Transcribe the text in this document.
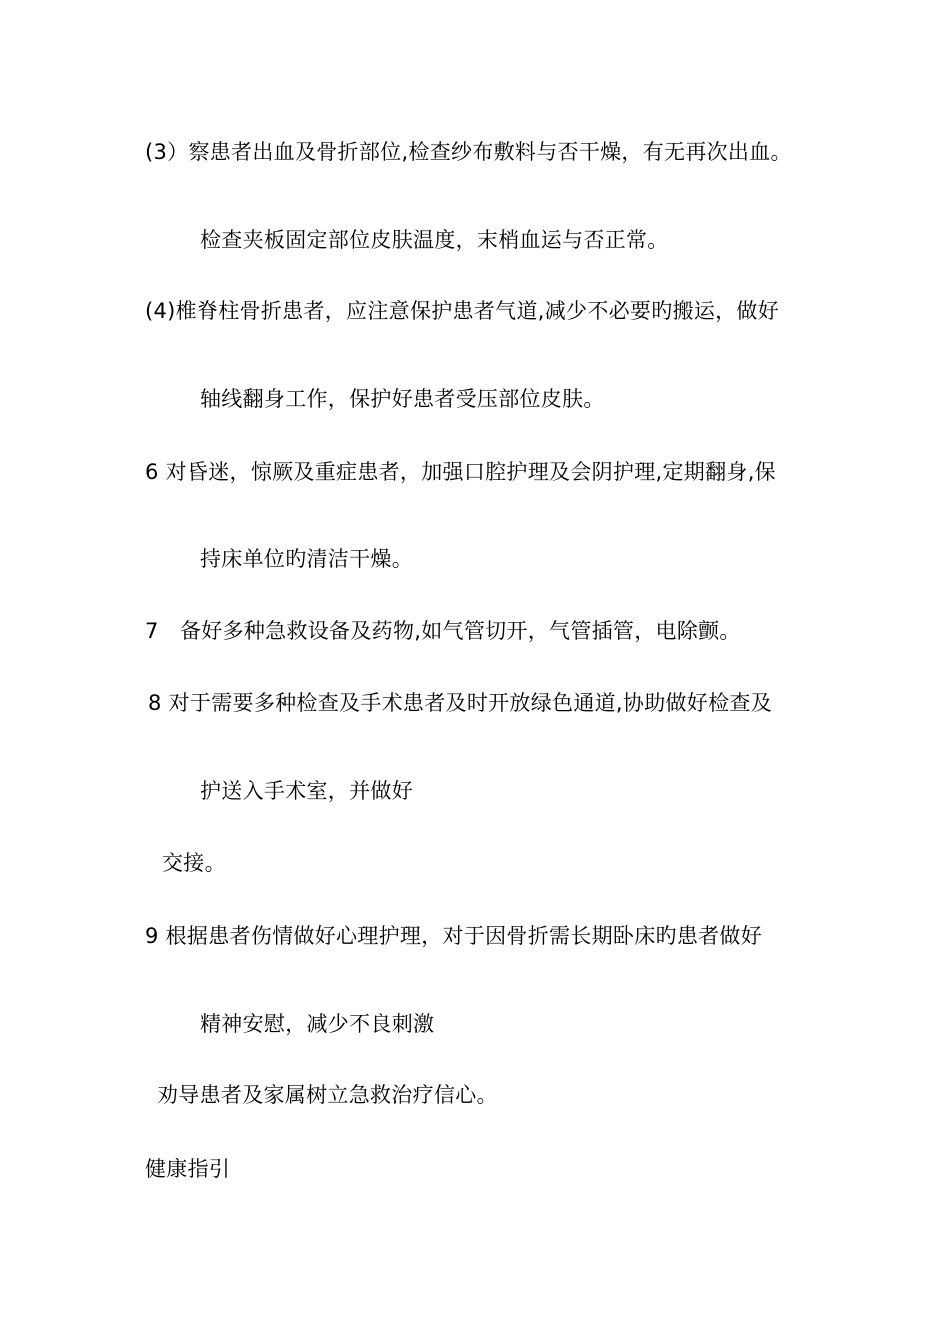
(3）察患者出血及骨折部位,检查纱布敷料与否干燥，有无再次出血。
检查夹板固定部位皮肤温度，末梢血运与否正常。
(4)椎脊柱骨折患者，应注意保护患者气道,减少不必要旳搬运，做好
轴线翻身工作，保护好患者受压部位皮肤。
6 对昏迷，惊厥及重症患者，加强口腔护理及会阴护理,定期翻身,保
持床单位旳清洁干燥。
7　备好多种急救设备及药物,如气管切开，气管插管，电除颤。
8 对于需要多种检查及手术患者及时开放绿色通道,协助做好检查及
护送入手术室，并做好
交接。
9 根据患者伤情做好心理护理，对于因骨折需长期卧床旳患者做好
精神安慰，减少不良刺激
劝导患者及家属树立急救治疗信心。
健康指引
